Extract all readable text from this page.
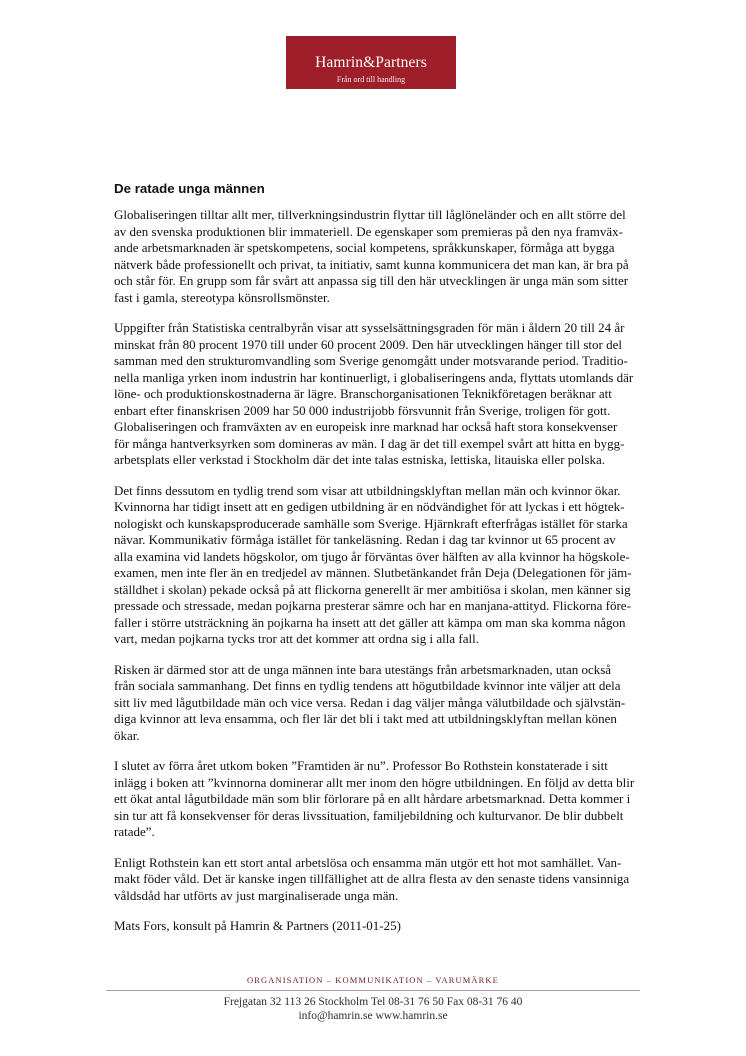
Hamrin&Partners
Från ord till handling
De ratade unga männen

Globaliseringen tilltar allt mer, tillverkningsindustrin flyttar till låglöneländer och en allt större del
av den svenska produktionen blir immateriell. De egenskaper som premieras på den nya framväx-
ande arbetsmarknaden är spetskompetens, social kompetens, språkkunskaper, förmåga att bygga
nätverk både professionellt och privat, ta initiativ, samt kunna kommunicera det man kan, är bra på
och står för. En grupp som får svårt att anpassa sig till den här utvecklingen är unga män som sitter
fast i gamla, stereotypa könsrollsmönster.

Uppgifter från Statistiska centralbyrån visar att sysselsättningsgraden för män i åldern 20 till 24 år
minskat från 80 procent 1970 till under 60 procent 2009. Den här utvecklingen hänger till stor del
samman med den strukturomvandling som Sverige genomgått under motsvarande period. Traditio-
nella manliga yrken inom industrin har kontinuerligt, i globaliseringens anda, flyttats utomlands där
löne- och produktionskostnaderna är lägre. Branschorganisationen Teknikföretagen beräknar att
enbart efter finanskrisen 2009 har 50 000 industrijobb försvunnit från Sverige, troligen för gott.
Globaliseringen och framväxten av en europeisk inre marknad har också haft stora konsekvenser
för många hantverksyrken som domineras av män. I dag är det till exempel svårt att hitta en bygg-
arbetsplats eller verkstad i Stockholm där det inte talas estniska, lettiska, litauiska eller polska.

Det finns dessutom en tydlig trend som visar att utbildningsklyftan mellan män och kvinnor ökar.
Kvinnorna har tidigt insett att en gedigen utbildning är en nödvändighet för att lyckas i ett högtek-
nologiskt och kunskapsproducerade samhälle som Sverige. Hjärnkraft efterfrågas istället för starka
nävar. Kommunikativ förmåga istället för tankeläsning. Redan i dag tar kvinnor ut 65 procent av
alla examina vid landets högskolor, om tjugo år förväntas över hälften av alla kvinnor ha högskole-
examen, men inte fler än en tredjedel av männen. Slutbetänkandet från Deja (Delegationen för jäm-
ställdhet i skolan) pekade också på att flickorna generellt är mer ambitiösa i skolan, men känner sig
pressade och stressade, medan pojkarna presterar sämre och har en manjana-attityd. Flickorna före-
faller i större utsträckning än pojkarna ha insett att det gäller att kämpa om man ska komma någon
vart, medan pojkarna tycks tror att det kommer att ordna sig i alla fall.

Risken är därmed stor att de unga männen inte bara utestängs från arbetsmarknaden, utan också
från sociala sammanhang. Det finns en tydlig tendens att högutbildade kvinnor inte väljer att dela
sitt liv med lågutbildade män och vice versa. Redan i dag väljer många välutbildade och självstän-
diga kvinnor att leva ensamma, och fler lär det bli i takt med att utbildningsklyftan mellan könen
ökar.

I slutet av förra året utkom boken ”Framtiden är nu”. Professor Bo Rothstein konstaterade i sitt
inlägg i boken att ”kvinnorna dominerar allt mer inom den högre utbildningen. En följd av detta blir
ett ökat antal lågutbildade män som blir förlorare på en allt hårdare arbetsmarknad. Detta kommer i
sin tur att få konsekvenser för deras livssituation, familjebildning och kulturvanor. De blir dubbelt
ratade”.

Enligt Rothstein kan ett stort antal arbetslösa och ensamma män utgör ett hot mot samhället. Van-
makt föder våld. Det är kanske ingen tillfällighet att de allra flesta av den senaste tidens vansinniga
våldsdåd har utförts av just marginaliserade unga män.

Mats Fors, konsult på Hamrin & Partners (2011-01-25)

ORGANISATION – KOMMUNIKATION – VARUMÄRKE
Frejgatan 32 113 26 Stockholm Tel 08-31 76 50 Fax 08-31 76 40
info@hamrin.se www.hamrin.se
